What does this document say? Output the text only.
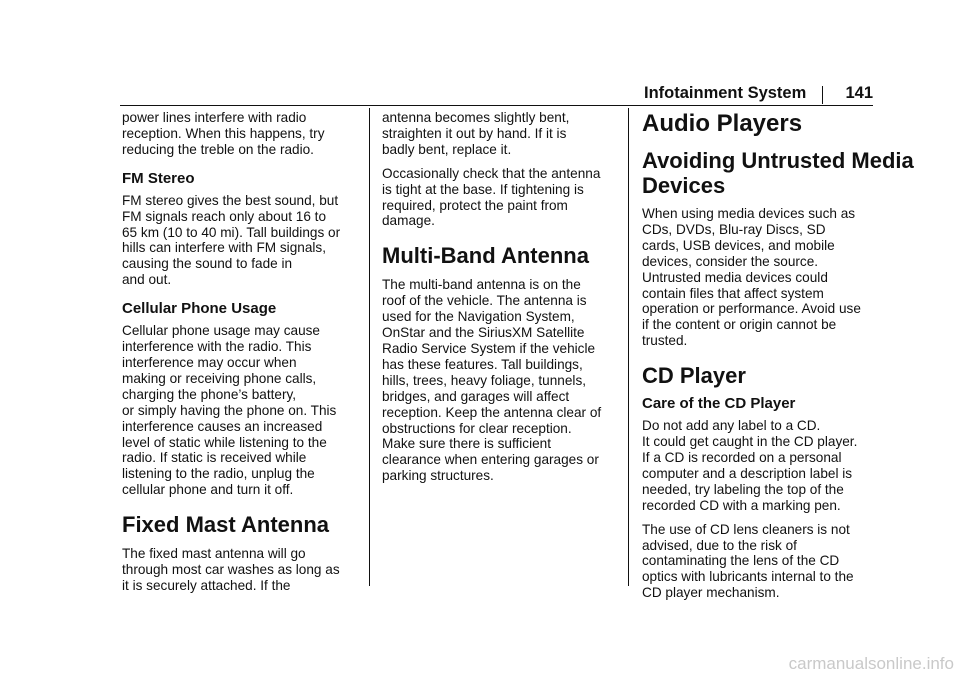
Infotainment System 141

power lines interfere with radio
reception. When this happens, try
reducing the treble on the radio.

FM Stereo

FM stereo gives the best sound, but
FM signals reach only about 16 to
65 km (10 to 40 mi). Tall buildings or
hills can interfere with FM signals,
causing the sound to fade in
and out.

Cellular Phone Usage

Cellular phone usage may cause
interference with the radio. This
interference may occur when
making or receiving phone calls,
charging the phone’s battery,
or simply having the phone on. This
interference causes an increased
level of static while listening to the
radio. If static is received while
listening to the radio, unplug the
cellular phone and turn it off.

Fixed Mast Antenna

The fixed mast antenna will go
through most car washes as long as
it is securely attached. If the

antenna becomes slightly bent,
straighten it out by hand. If it is
badly bent, replace it.

Occasionally check that the antenna
is tight at the base. If tightening is
required, protect the paint from
damage.

Multi-Band Antenna

The multi-band antenna is on the
roof of the vehicle. The antenna is
used for the Navigation System,
OnStar and the SiriusXM Satellite
Radio Service System if the vehicle
has these features. Tall buildings,
hills, trees, heavy foliage, tunnels,
bridges, and garages will affect
reception. Keep the antenna clear of
obstructions for clear reception.
Make sure there is sufficient
clearance when entering garages or
parking structures.

Audio Players
Avoiding Untrusted Media
Devices

When using media devices such as
CDs, DVDs, Blu-ray Discs, SD
cards, USB devices, and mobile
devices, consider the source.
Untrusted media devices could
contain files that affect system
operation or performance. Avoid use
if the content or origin cannot be
trusted.

CD Player
Care of the CD Player

Do not add any label to a CD.
It could get caught in the CD player.
If a CD is recorded on a personal
computer and a description label is
needed, try labeling the top of the
recorded CD with a marking pen.

The use of CD lens cleaners is not
advised, due to the risk of
contaminating the lens of the CD
optics with lubricants internal to the
CD player mechanism.

carmanualsonline.info
